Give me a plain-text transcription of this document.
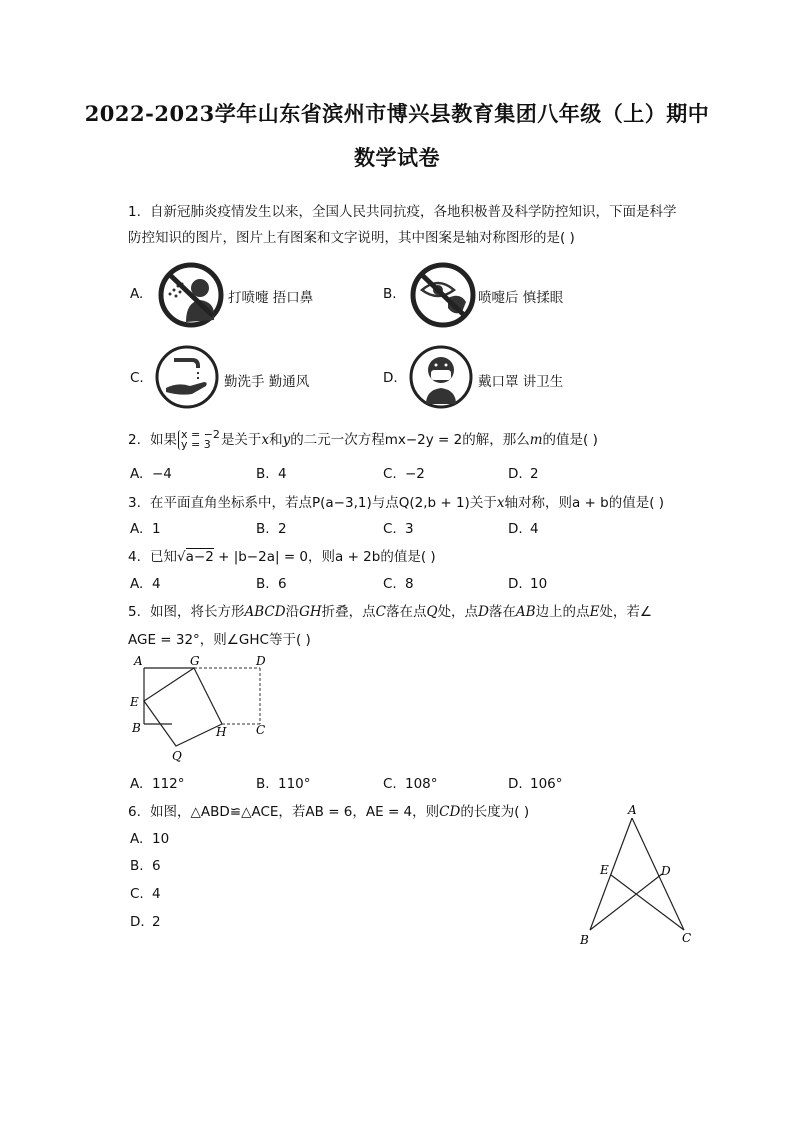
2022-2023学年山东省滨州市博兴县教育集团八年级（上）期中
数学试卷
1. 自新冠肺炎疫情发生以来，全国人民共同抗疫，各地积极普及科学防控知识，下面是科学
防控知识的图片，图片上有图案和文字说明，其中图案是轴对称图形的是( )
A.	打喷嚏 捂口鼻	B.	喷嚏后 慎揉眼
C.	勤洗手 勤通风	D.	戴口罩 讲卫生
2. 如果 x = −2
y = 3 是关于x和y的二元一次方程mx−2y = 2的解，那么m的值是( )
A. −4	B. 4	C. −2	D. 2
3. 在平面直角坐标系中，若点P(a−3,1)与点Q(2,b + 1)关于x轴对称，则a + b的值是( )
A. 1	B. 2	C. 3	D. 4
4. 已知√a−2 + |b−2a| = 0，则a + 2b的值是( )
A. 4	B. 6	C. 8	D. 10
5. 如图，将长方形ABCD沿GH折叠，点C落在点Q处，点D落在AB边上的点E处，若∠
AGE = 32°，则∠GHC等于( )
A	G	D
E
B	H C
Q
A. 112°	B. 110°	C. 108°	D. 106°
6. 如图，△ABD≌△ACE，若AB = 6，AE = 4，则CD的长度为( )
A. 10
B. 6
C. 4
D. 2
A
E	D
B	C
